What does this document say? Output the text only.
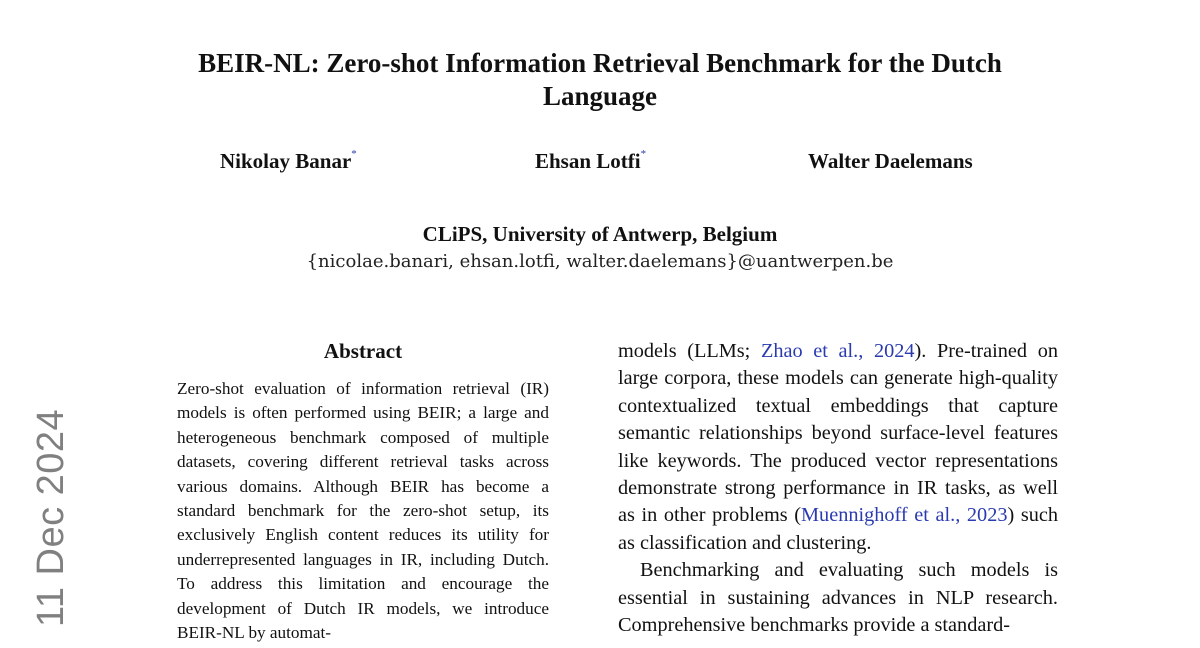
BEIR-NL: Zero-shot Information Retrieval Benchmark for the Dutch
Language
Nikolay Banar*	Ehsan Lotfi*	Walter Daelemans
CLiPS, University of Antwerp, Belgium
{nicolae.banari, ehsan.lotfi, walter.daelemans}@uantwerpen.be
11 Dec 2024
Abstract

Zero-shot evaluation of information retrieval (IR) models is often performed using BEIR; a large and heterogeneous benchmark composed of multiple datasets, covering different retrieval tasks across various domains. Although BEIR has become a standard benchmark for the zero-shot setup, its exclusively English content reduces its utility for underrepresented languages in IR, including Dutch. To address this limitation and encourage the development of Dutch IR models, we introduce BEIR-NL by automat-

models (LLMs; Zhao et al., 2024). Pre-trained on large corpora, these models can generate high-quality contextualized textual embeddings that capture semantic relationships beyond surface-level features like keywords. The produced vector representations demonstrate strong performance in IR tasks, as well as in other problems (Muennighoff et al., 2023) such as classification and clustering.

Benchmarking and evaluating such models is essential in sustaining advances in NLP research. Comprehensive benchmarks provide a standard-
